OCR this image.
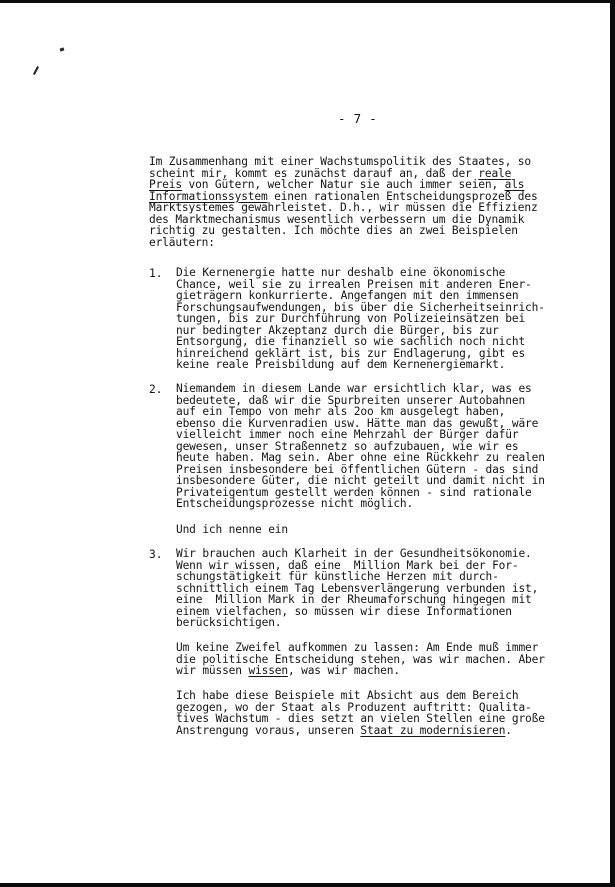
- 7 -
Im Zusammenhang mit einer Wachstumspolitik des Staates, so
scheint mir, kommt es zunächst darauf an, daß der reale
Preis von Gütern, welcher Natur sie auch immer seien, als
Informationssystem einen rationalen Entscheidungsprozeß des
Marktsystemes gewährleistet. D.h., wir müssen die Effizienz
des Marktmechanismus wesentlich verbessern um die Dynamik
richtig zu gestalten. Ich möchte dies an zwei Beispielen
erläutern:
1. Die Kernenergie hatte nur deshalb eine ökonomische
Chance, weil sie zu irrealen Preisen mit anderen Ener-
gieträgern konkurrierte. Angefangen mit den immensen
Forschungsaufwendungen, bis über die Sicherheitseinrich-
tungen, bis zur Durchführung von Polizeieinsätzen bei
nur bedingter Akzeptanz durch die Bürger, bis zur
Entsorgung, die finanziell so wie sachlich noch nicht
hinreichend geklärt ist, bis zur Endlagerung, gibt es
keine reale Preisbildung auf dem Kernenergiemarkt.
2. Niemandem in diesem Lande war ersichtlich klar, was es
bedeutete, daß wir die Spurbreiten unserer Autobahnen
auf ein Tempo von mehr als 2oo km ausgelegt haben,
ebenso die Kurvenradien usw. Hätte man das gewußt, wäre
vielleicht immer noch eine Mehrzahl der Bürger dafür
gewesen, unser Straßennetz so aufzubauen, wie wir es
heute haben. Mag sein. Aber ohne eine Rückkehr zu realen
Preisen insbesondere bei öffentlichen Gütern - das sind
insbesondere Güter, die nicht geteilt und damit nicht in
Privateigentum gestellt werden können - sind rationale
Entscheidungsprozesse nicht möglich.
Und ich nenne ein
3. Wir brauchen auch Klarheit in der Gesundheitsökonomie.
Wenn wir wissen, daß eine  Million Mark bei der For-
schungstätigkeit für künstliche Herzen mit durch-
schnittlich einem Tag Lebensverlängerung verbunden ist,
eine  Million Mark in der Rheumaforschung hingegen mit
einem vielfachen, so müssen wir diese Informationen
berücksichtigen.
Um keine Zweifel aufkommen zu lassen: Am Ende muß immer
die politische Entscheidung stehen, was wir machen. Aber
wir müssen wissen, was wir machen.
Ich habe diese Beispiele mit Absicht aus dem Bereich
gezogen, wo der Staat als Produzent auftritt: Qualita-
tives Wachstum - dies setzt an vielen Stellen eine große
Anstrengung voraus, unseren Staat zu modernisieren.
